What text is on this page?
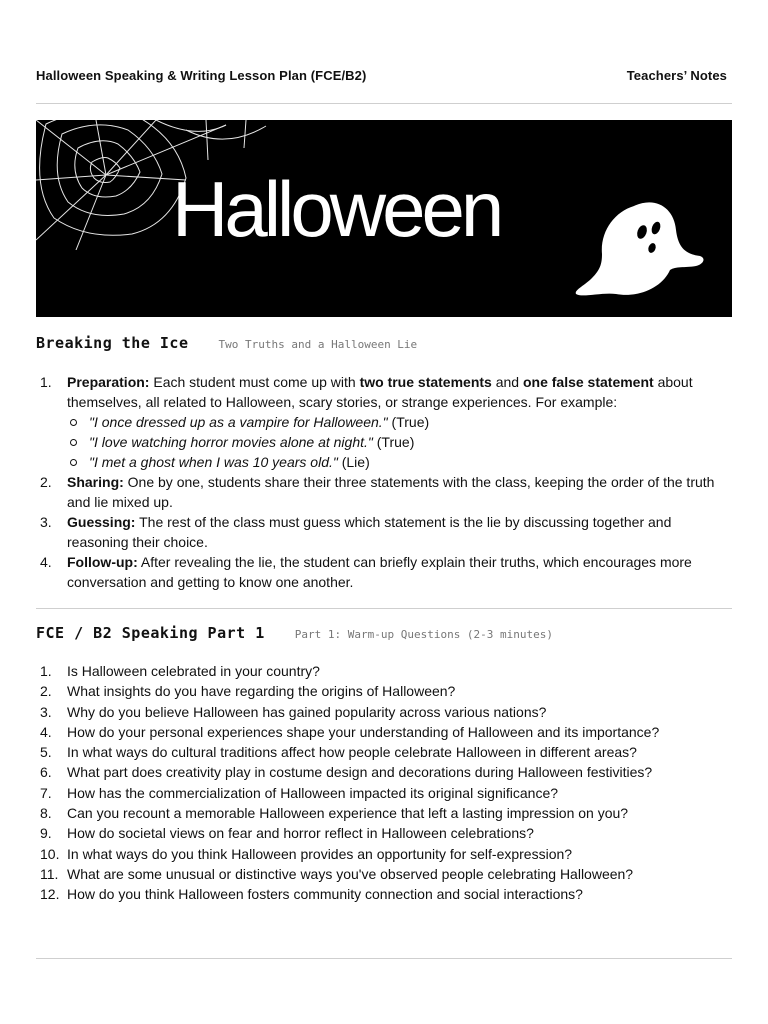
Halloween Speaking & Writing Lesson Plan (FCE/B2)	Teachers’ Notes
Halloween
Breaking the Ice	Two Truths and a Halloween Lie
1. Preparation: Each student must come up with two true statements and one false statement about themselves, all related to Halloween, scary stories, or strange experiences. For example:
"I once dressed up as a vampire for Halloween." (True)
"I love watching horror movies alone at night." (True)
"I met a ghost when I was 10 years old." (Lie)
2. Sharing: One by one, students share their three statements with the class, keeping the order of the truth and lie mixed up.
3. Guessing: The rest of the class must guess which statement is the lie by discussing together and reasoning their choice.
4. Follow-up: After revealing the lie, the student can briefly explain their truths, which encourages more conversation and getting to know one another.
FCE / B2 Speaking Part 1	Part 1: Warm-up Questions (2-3 minutes)
1. Is Halloween celebrated in your country?
2. What insights do you have regarding the origins of Halloween?
3. Why do you believe Halloween has gained popularity across various nations?
4. How do your personal experiences shape your understanding of Halloween and its importance?
5. In what ways do cultural traditions affect how people celebrate Halloween in different areas?
6. What part does creativity play in costume design and decorations during Halloween festivities?
7. How has the commercialization of Halloween impacted its original significance?
8. Can you recount a memorable Halloween experience that left a lasting impression on you?
9. How do societal views on fear and horror reflect in Halloween celebrations?
10. In what ways do you think Halloween provides an opportunity for self-expression?
11. What are some unusual or distinctive ways you've observed people celebrating Halloween?
12. How do you think Halloween fosters community connection and social interactions?
